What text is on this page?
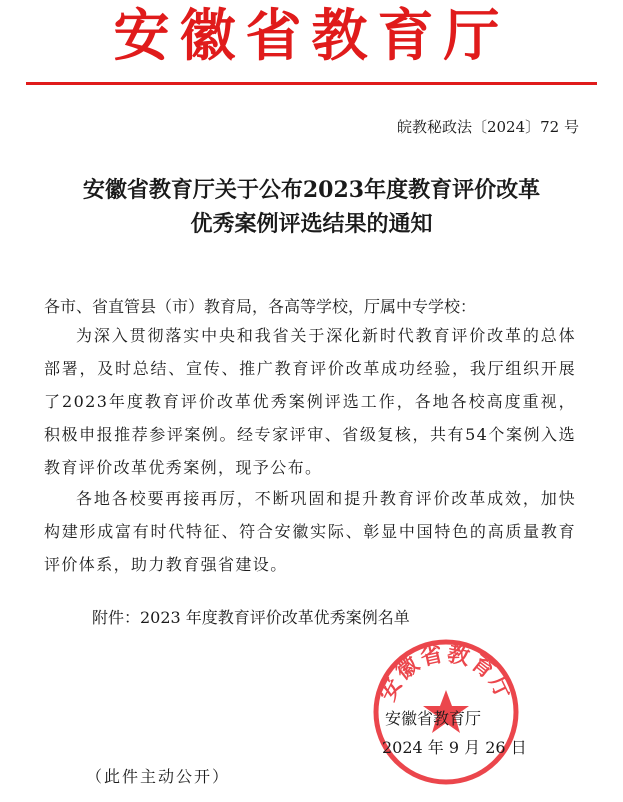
安徽省教育厅
皖教秘政法〔2024〕72 号
安徽省教育厅关于公布2023年度教育评价改革
优秀案例评选结果的通知
各市、省直管县（市）教育局，各高等学校，厅属中专学校：
为深入贯彻落实中央和我省关于深化新时代教育评价改革的总体部署，及时总结、宣传、推广教育评价改革成功经验，我厅组织开展了2023年度教育评价改革优秀案例评选工作，各地各校高度重视，积极申报推荐参评案例。经专家评审、省级复核，共有54个案例入选教育评价改革优秀案例，现予公布。
各地各校要再接再厉，不断巩固和提升教育评价改革成效，加快构建形成富有时代特征、符合安徽实际、彰显中国特色的高质量教育评价体系，助力教育强省建设。
附件：2023 年度教育评价改革优秀案例名单
安徽省教育厅
安徽省教育厅
2024 年 9 月 26 日
（此件主动公开）
